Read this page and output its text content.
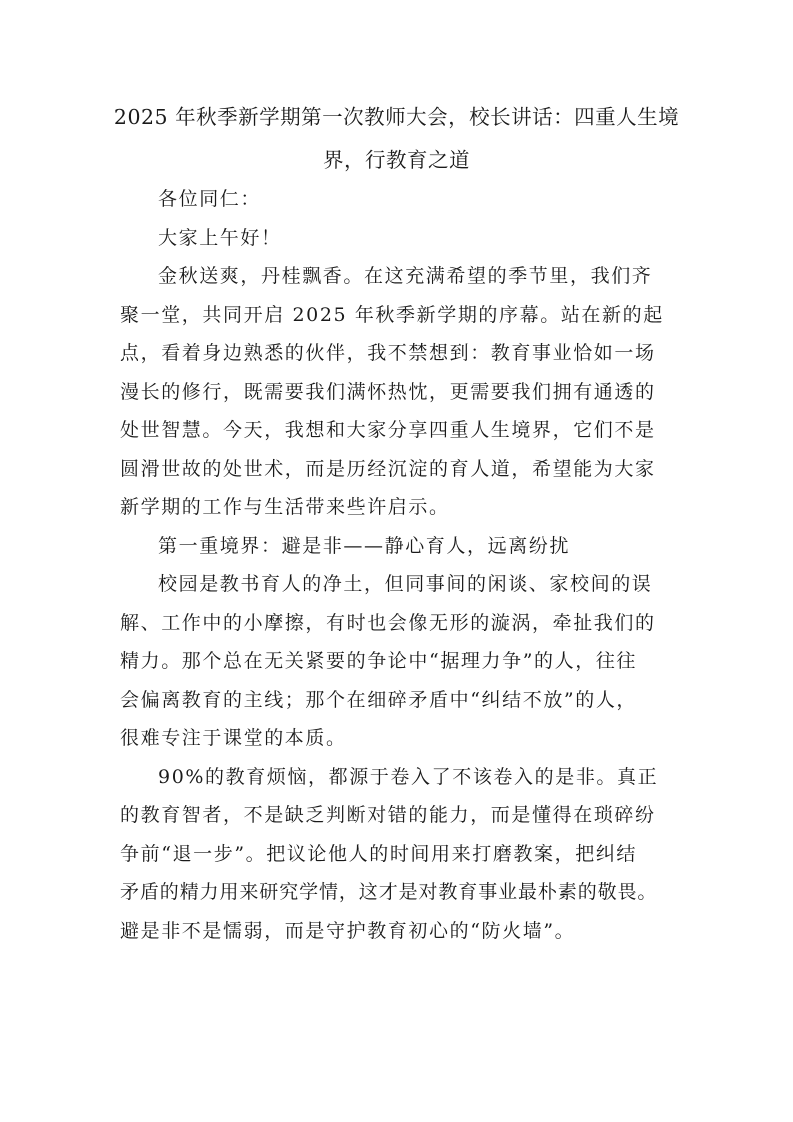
2025 年秋季新学期第一次教师大会，校长讲话：四重人生境
界，行教育之道
各位同仁：
大家上午好！
金秋送爽，丹桂飘香。在这充满希望的季节里，我们齐
聚一堂，共同开启 2025 年秋季新学期的序幕。站在新的起
点，看着身边熟悉的伙伴，我不禁想到：教育事业恰如一场
漫长的修行，既需要我们满怀热忱，更需要我们拥有通透的
处世智慧。今天，我想和大家分享四重人生境界，它们不是
圆滑世故的处世术，而是历经沉淀的育人道，希望能为大家
新学期的工作与生活带来些许启示。
第一重境界：避是非——静心育人，远离纷扰
校园是教书育人的净土，但同事间的闲谈、家校间的误
解、工作中的小摩擦，有时也会像无形的漩涡，牵扯我们的
精力。那个总在无关紧要的争论中“据理力争”的人，往往
会偏离教育的主线；那个在细碎矛盾中“纠结不放”的人，
很难专注于课堂的本质。
90%的教育烦恼，都源于卷入了不该卷入的是非。真正
的教育智者，不是缺乏判断对错的能力，而是懂得在琐碎纷
争前“退一步”。把议论他人的时间用来打磨教案，把纠结
矛盾的精力用来研究学情，这才是对教育事业最朴素的敬畏。
避是非不是懦弱，而是守护教育初心的“防火墙”。
